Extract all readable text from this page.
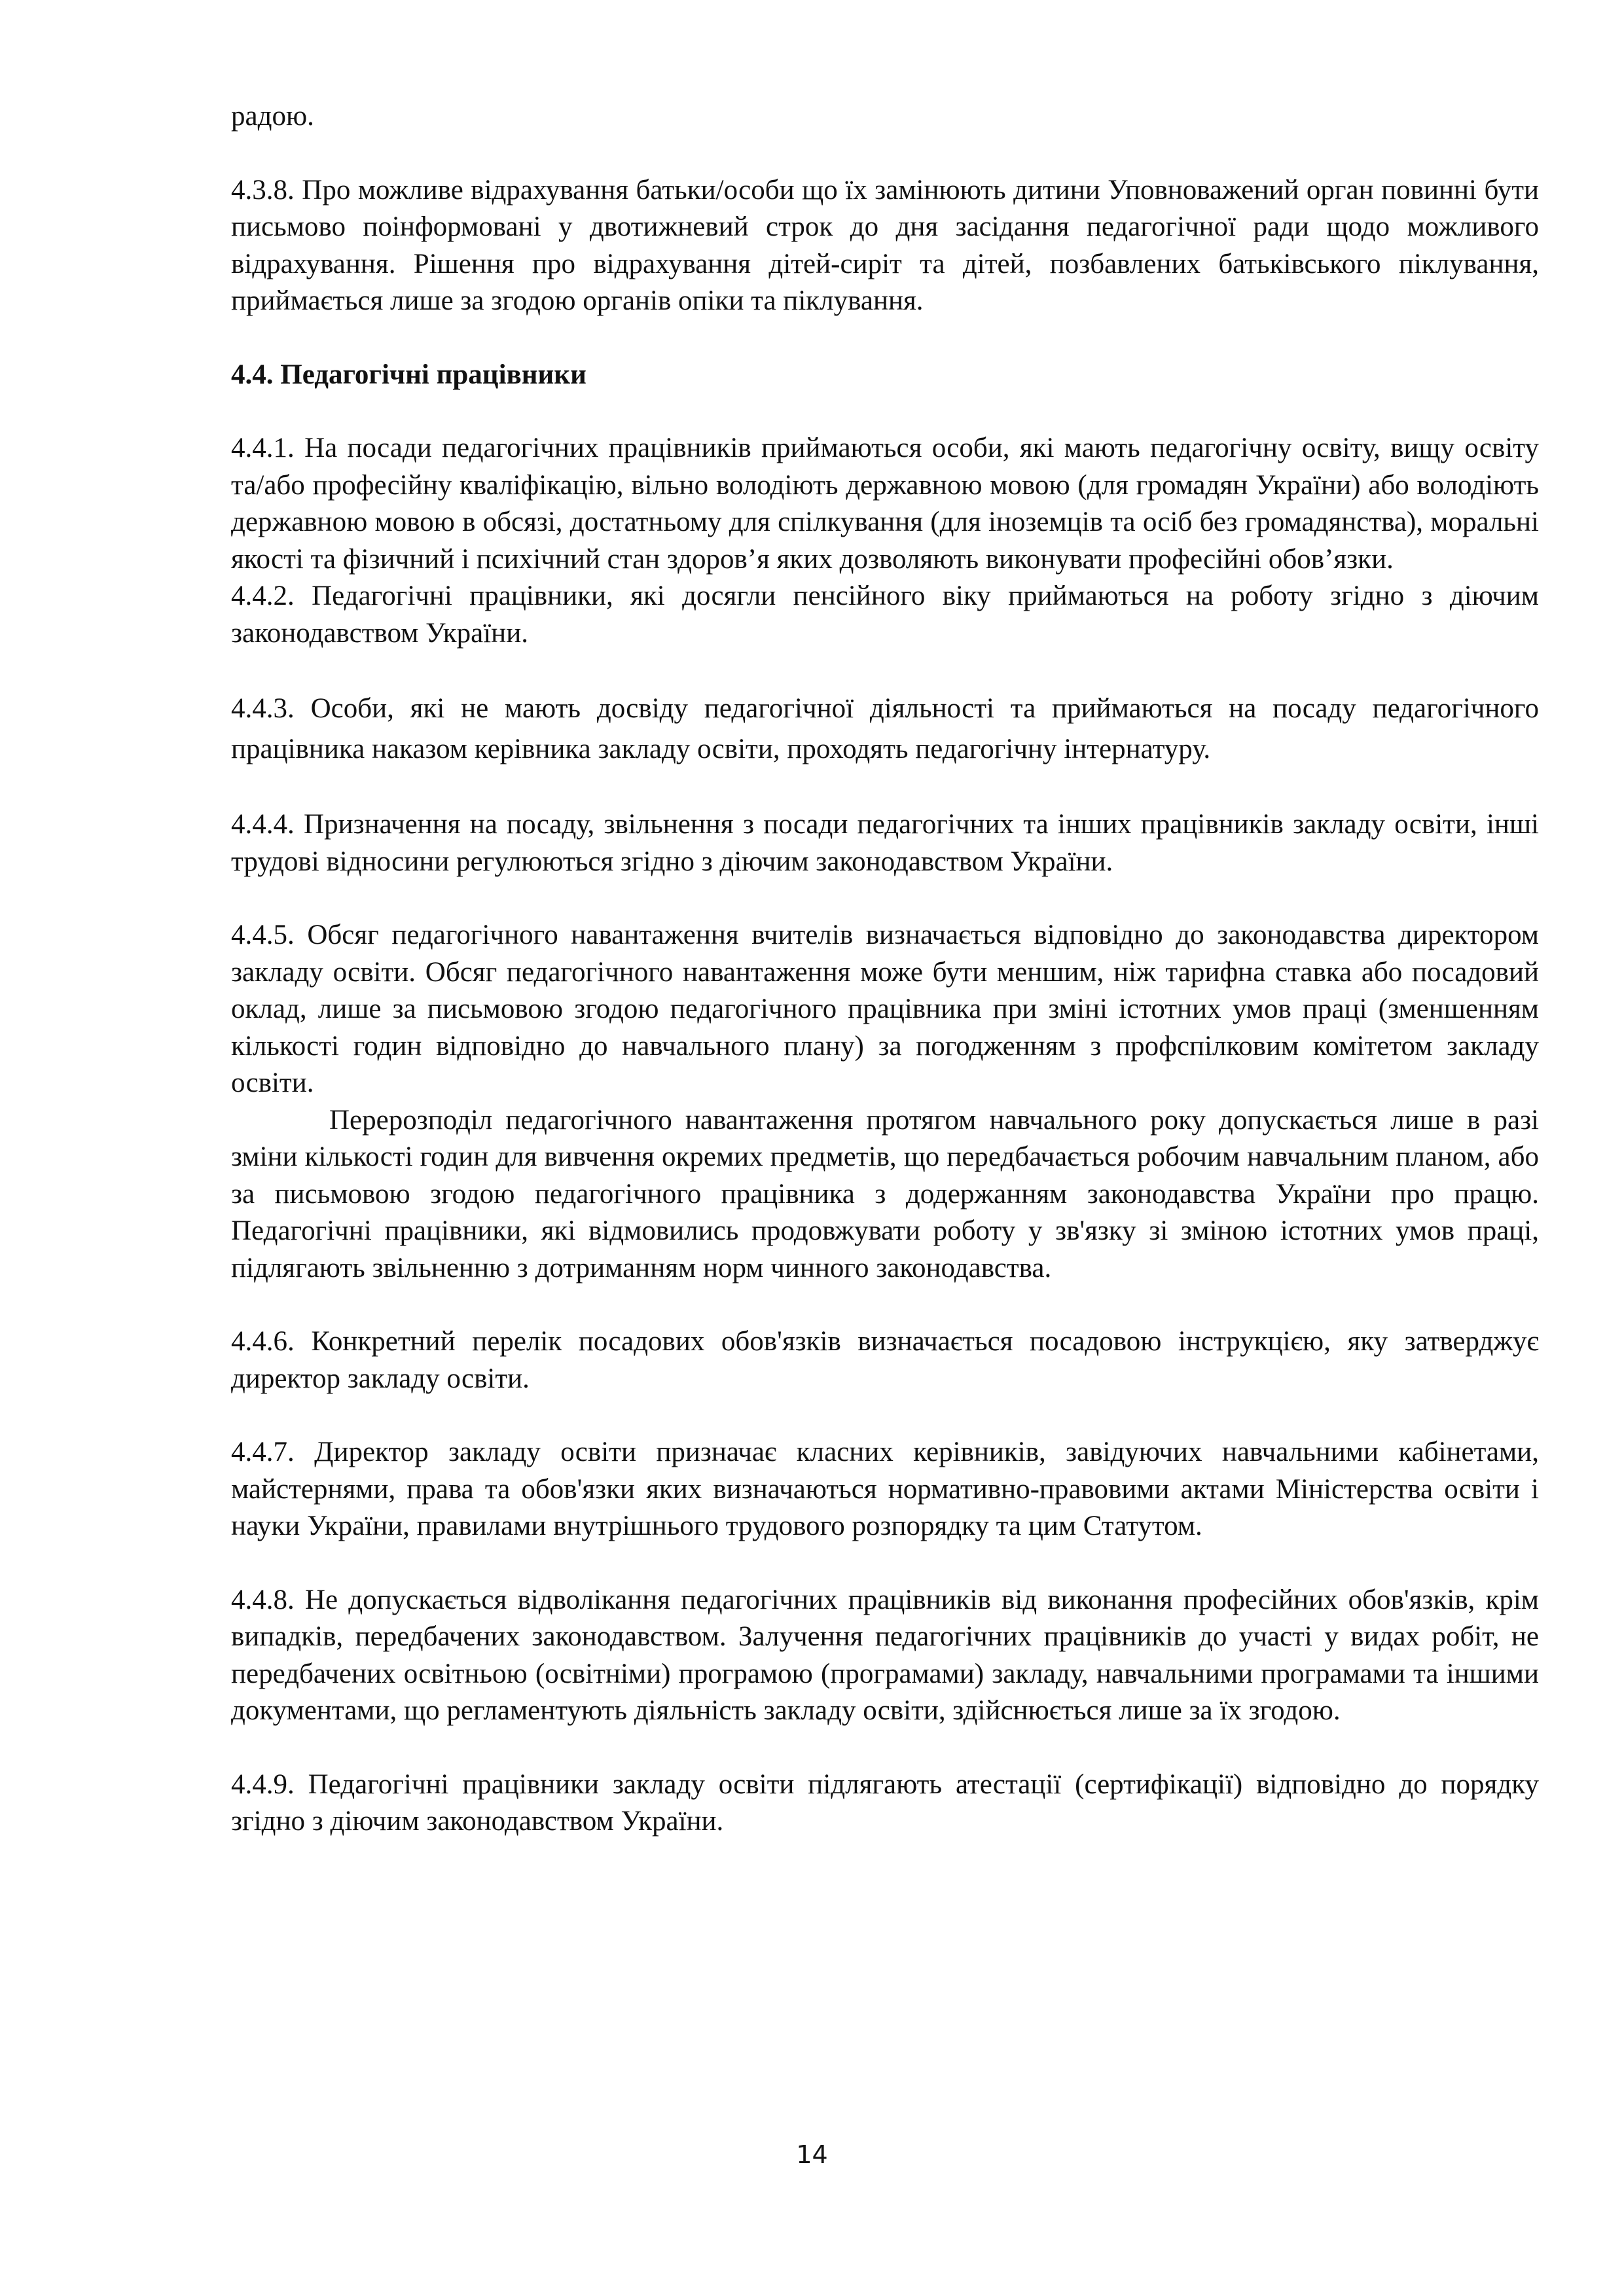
радою.

4.3.8. Про можливе відрахування батьки/особи що їх замінюють дитини Уповноважений орган повинні бути письмово поінформовані у двотижневий строк до дня засідання педагогічної ради щодо можливого відрахування. Рішення про відрахування дітей-сиріт та дітей, позбавлених батьківського піклування, приймається лише за згодою органів опіки та піклування.

4.4. Педагогічні працівники

4.4.1. На посади педагогічних працівників приймаються особи, які мають педагогічну освіту, вищу освіту та/або професійну кваліфікацію, вільно володіють державною мовою (для громадян України) або володіють державною мовою в обсязі, достатньому для спілкування (для іноземців та осіб без громадянства), моральні якості та фізичний і психічний стан здоров’я яких дозволяють виконувати професійні обов’язки.

4.4.2. Педагогічні працівники, які досягли пенсійного віку приймаються на роботу згідно з діючим законодавством України.

4.4.3. Особи, які не мають досвіду педагогічної діяльності та приймаються на посаду педагогічного працівника наказом керівника закладу освіти, проходять педагогічну інтернатуру.

4.4.4. Призначення на посаду, звільнення з посади педагогічних та інших працівників закладу освіти, інші трудові відносини регулюються згідно з діючим законодавством України.

4.4.5. Обсяг педагогічного навантаження вчителів визначається відповідно до законодавства директором закладу освіти. Обсяг педагогічного навантаження може бути меншим, ніж тарифна ставка або посадовий оклад, лише за письмовою згодою педагогічного працівника при зміні істотних умов праці (зменшенням кількості годин відповідно до навчального плану) за погодженням з профспілковим комітетом закладу освіти.

Перерозподіл педагогічного навантаження протягом навчального року допускається лише в разі зміни кількості годин для вивчення окремих предметів, що передбачається робочим навчальним планом, або за письмовою згодою педагогічного працівника з додержанням законодавства України про працю. Педагогічні працівники, які відмовились продовжувати роботу у зв'язку зі зміною істотних умов праці, підлягають звільненню з дотриманням норм чинного законодавства.

4.4.6. Конкретний перелік посадових обов'язків визначається посадовою інструкцією, яку затверджує директор закладу освіти.

4.4.7. Директор закладу освіти призначає класних керівників, завідуючих навчальними кабінетами, майстернями, права та обов'язки яких визначаються нормативно-правовими актами Міністерства освіти і науки України, правилами внутрішнього трудового розпорядку та цим Статутом.

4.4.8. Не допускається відволікання педагогічних працівників від виконання професійних обов'язків, крім випадків, передбачених законодавством. Залучення педагогічних працівників до участі у видах робіт, не передбачених освітньою (освітніми) програмою (програмами) закладу, навчальними програмами та іншими документами, що регламентують діяльність закладу освіти, здійснюється лише за їх згодою.

4.4.9. Педагогічні працівники закладу освіти підлягають атестації (сертифікації) відповідно до порядку згідно з діючим законодавством України.

14
